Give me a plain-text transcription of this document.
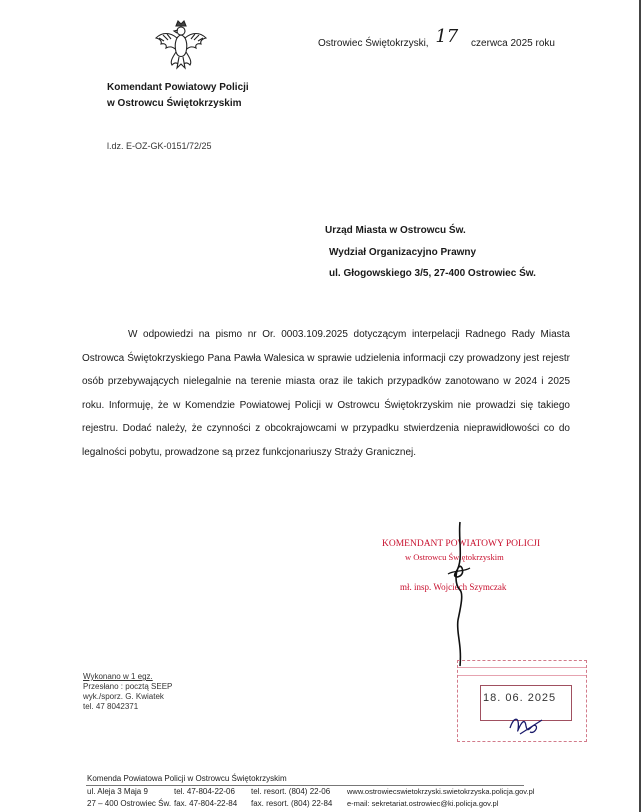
Ostrowiec Świętokrzyski, 17 czerwca 2025 roku
Komendant Powiatowy Policji
w Ostrowcu Świętokrzyskim
l.dz. E-OZ-GK-0151/72/25
Urząd Miasta w Ostrowcu Św.
Wydział Organizacyjno Prawny
ul. Głogowskiego 3/5, 27-400 Ostrowiec Św.

W odpowiedzi na pismo nr Or. 0003.109.2025 dotyczącym interpelacji Radnego Rady Miasta Ostrowca Świętokrzyskiego Pana Pawła Walesica w sprawie udzielenia informacji czy prowadzony jest rejestr osób przebywających nielegalnie na terenie miasta oraz ile takich przypadków zanotowano w 2024 i 2025 roku. Informuję, że w Komendzie Powiatowej Policji w Ostrowcu Świętokrzyskim nie prowadzi się takiego rejestru. Dodać należy, że czynności z obcokrajowcami w przypadku stwierdzenia nieprawidłowości co do legalności pobytu, prowadzone są przez funkcjonariuszy Straży Granicznej.

KOMENDANT POWIATOWY POLICJI
w Ostrowcu Świętokrzyskim
mł. insp. Wojciech Szymczak
18. 06. 2025
Wykonano w 1 egz.
Przesłano : pocztą SEEP
wyk./sporz. G. Kwiatek
tel. 47 8042371
Komenda Powiatowa Policji w Ostrowcu Świętokrzyskim
ul. Aleja 3 Maja 9
27 – 400 Ostrowiec Św.
tel. 47-804-22-06
fax. 47-804-22-84
tel. resort. (804) 22-06
fax. resort. (804) 22-84
www.ostrowiecswietokrzyski.swietokrzyska.policja.gov.pl
e-mail: sekretariat.ostrowiec@ki.policja.gov.pl
